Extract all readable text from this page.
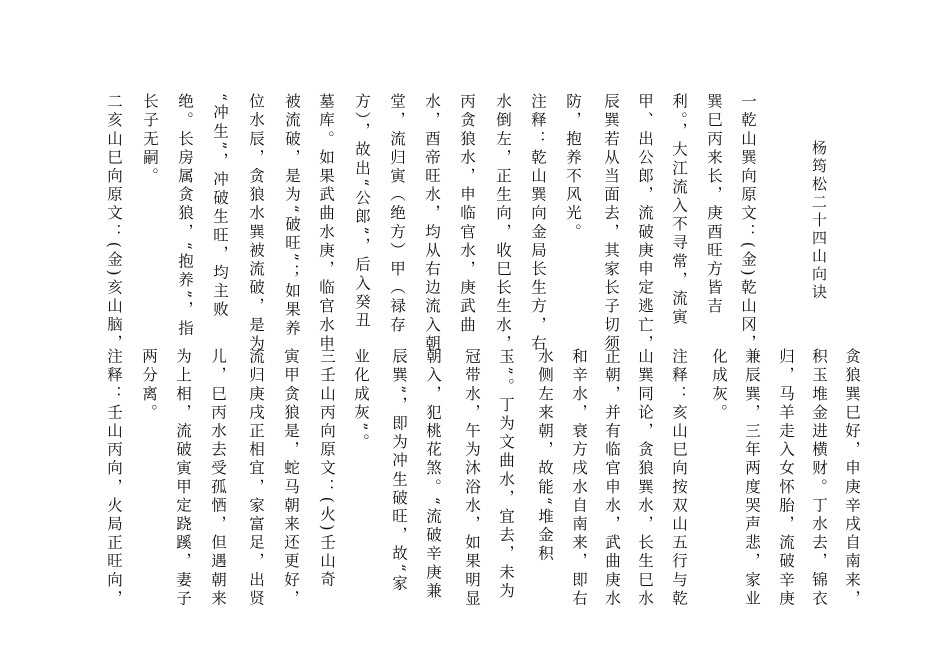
杨筠松二十四山向诀
贪狼巽巳好，申庚辛戌自南来，
积玉堆金进横财。丁水去，锦衣
归，马羊走入女怀胎，流破辛庚
兼辰巽，三年两度哭声悲，家业
化成灰。
注释：亥山巳向按双山五行与乾
山巽同论，贪狼巽水，长生巳水
正朝，并有临官申水，武曲庚水
和辛水，衰方戌水自南来，即右
水侧左来朝，故能“堆金积
玉”。丁为文曲水，宜去，未为
冠带水，午为沐浴水，如果明显
朝入，犯桃花煞。“流破辛庚兼
辰巽”，即为冲生破旺，故“家
业化成灰”。
三壬山丙向原文：(火)壬山奇
寅甲贪狼是，蛇马朝来还更好，
流归庚戌正相宜，家富足，出贤
儿，巳丙水去受孤恓，但遇朝来
为上相，流破寅甲定跷蹊，妻子
两分离。
注释：壬山丙向，火局正旺向，
一乾山巽向原文：(金)乾山冈，
巽巳丙来长，庚酉旺方皆吉
利。，大江流入不寻常，流寅
甲、出公郎，流破庚申定逃亡，
辰巽若从当面去，其家长子切须
防，抱养不风光。
注释：乾山巽向金局长生方，右
水倒左，正生向，收巳长生水，
丙贪狼水，申临官水，庚武曲
水，酉帝旺水，均从右边流入朝
堂，流归寅（绝方）甲（禄存
方），故出“公郎”，后入癸丑
墓库。如果武曲水庚，临官水申
被流破，是为“破旺”；如果养
位水辰，贪狼水巽被流破，是为
“冲生”，冲破生旺，均主败
绝。长房属贪狼，“抱养”，指
长子无嗣。
二亥山巳向原文：(金)亥山脑，
